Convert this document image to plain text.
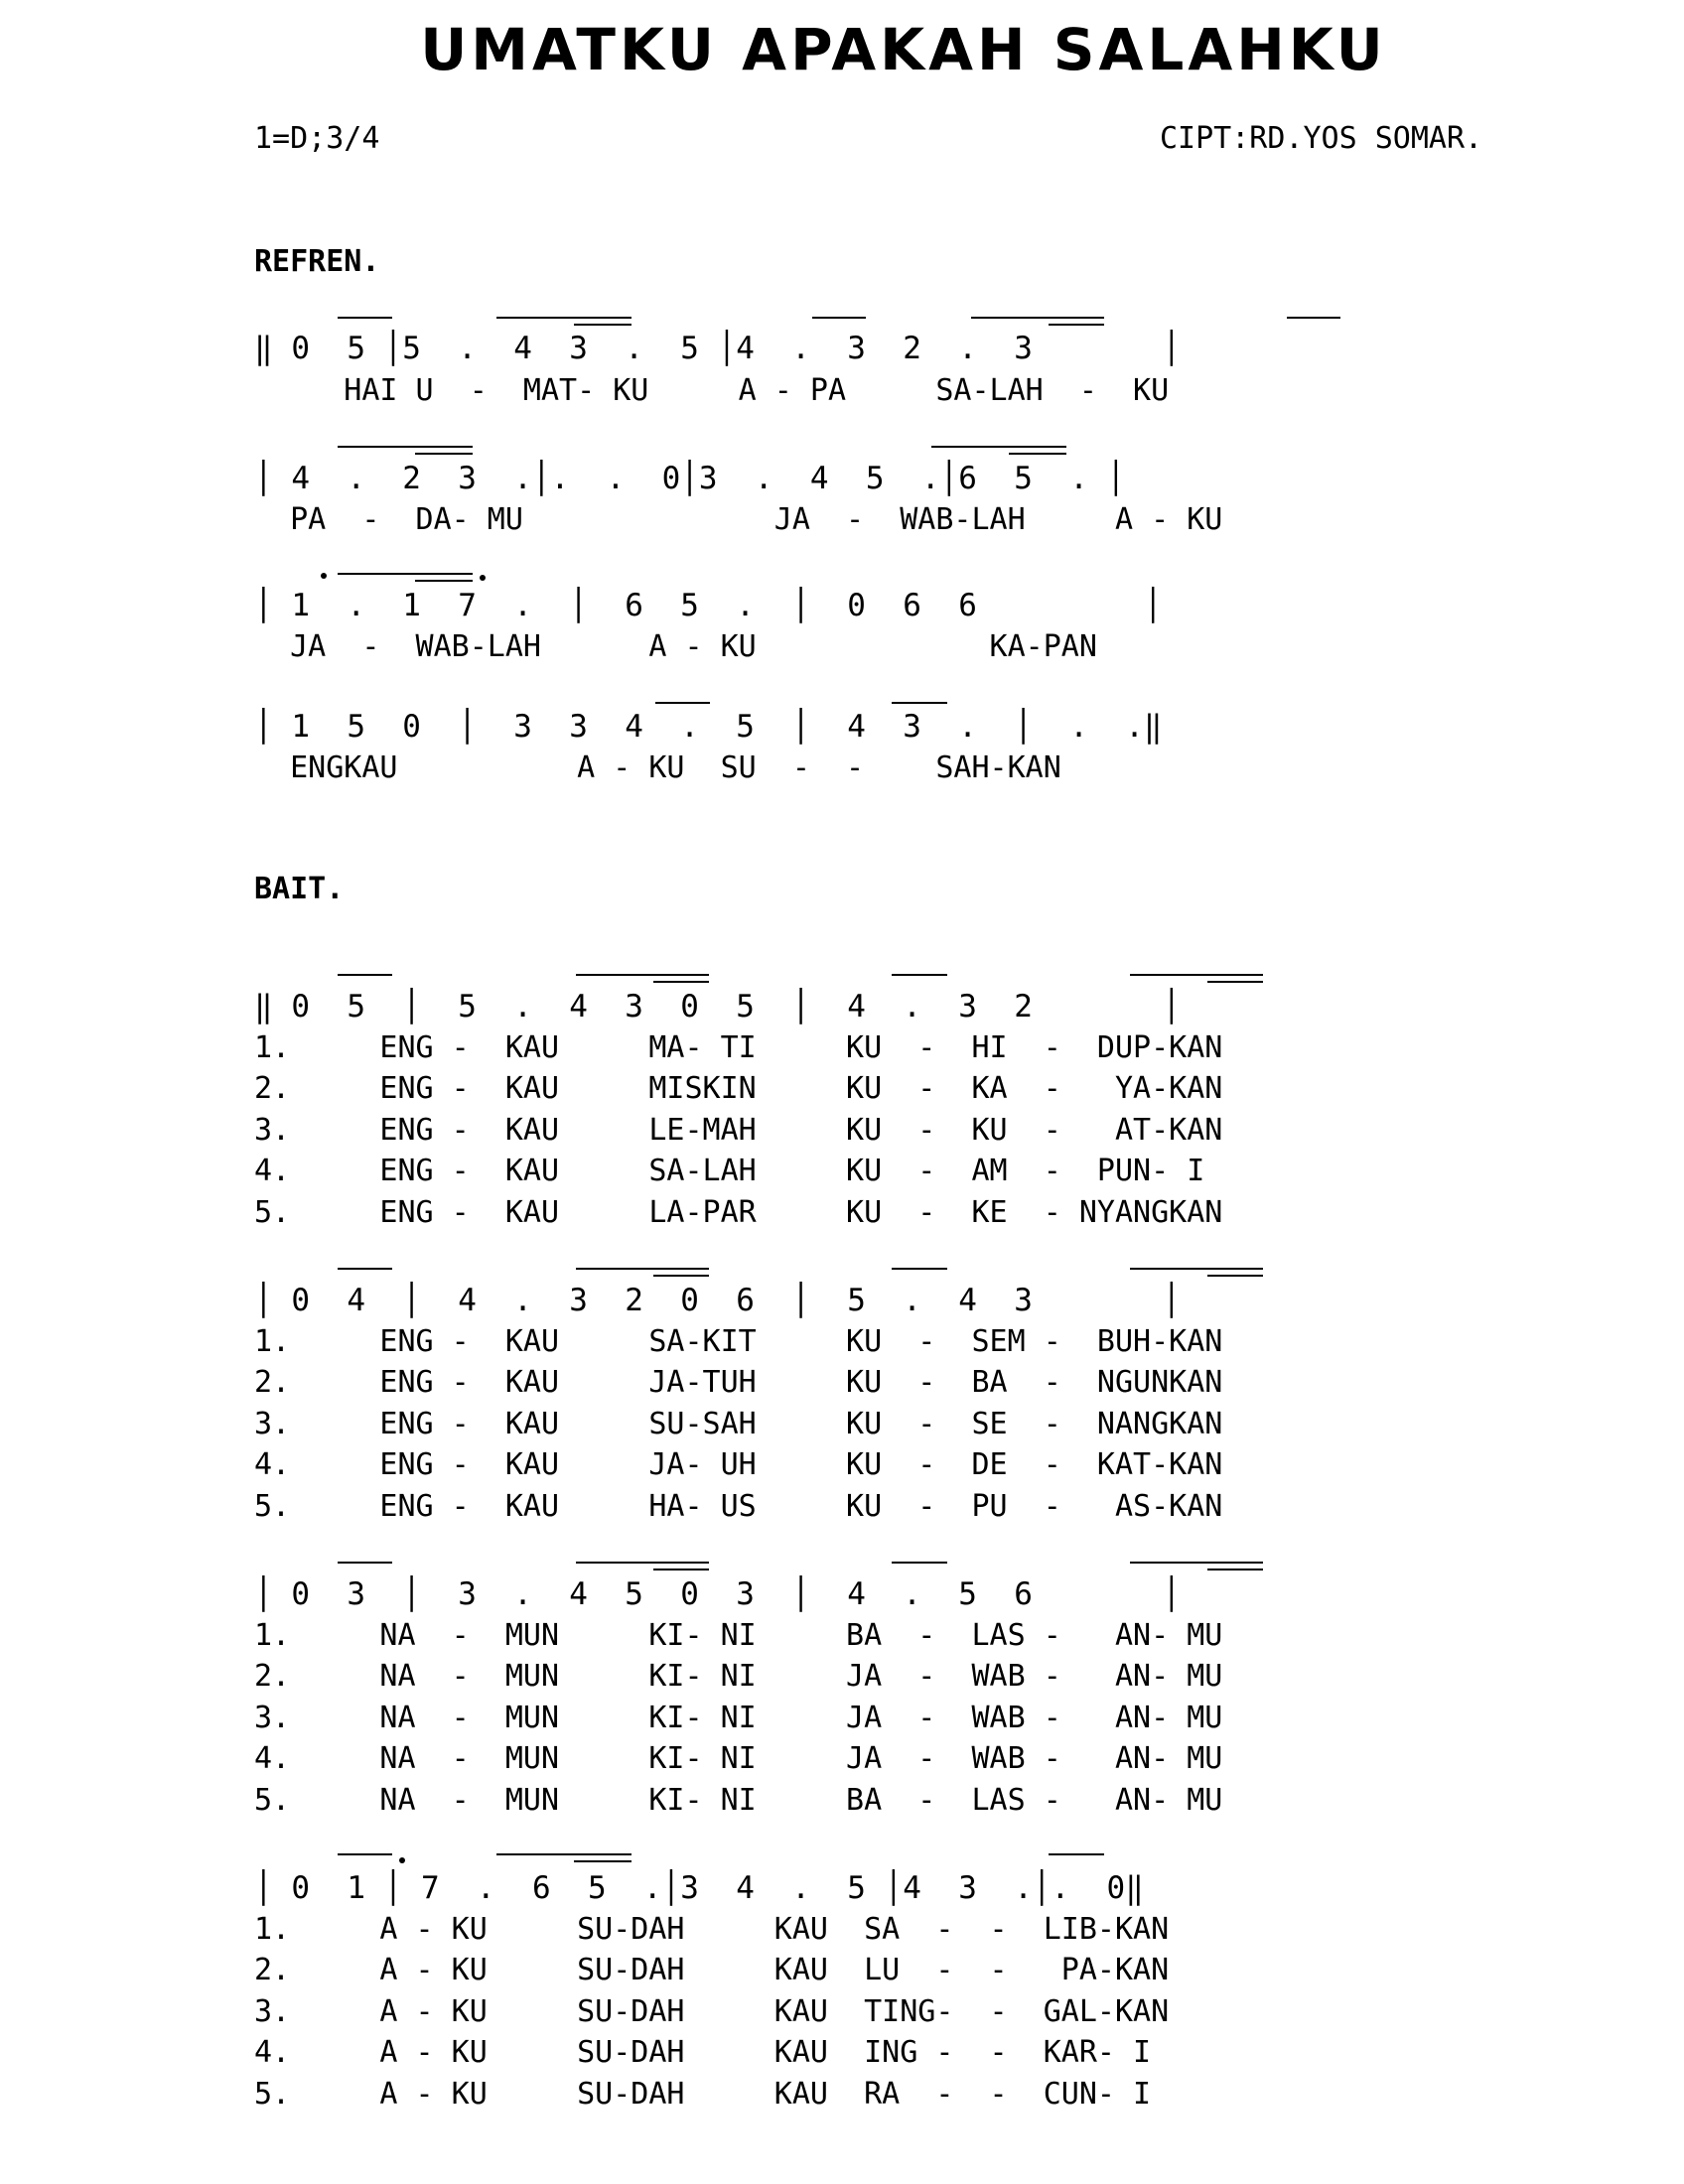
UMATKU APAKAH SALAHKU
1=D;3/4	CIPT:RD.YOS SOMAR.
REFREN.
‖ 0  5 │5  .  4  3  .  5 │4  .  3  2  .  3       │
HAI U  -  MAT- KU     A - PA     SA-LAH  -  KU
│ 4  .  2  3  .│.  .  0│3  .  4  5  .│6  5  . │
PA  -  DA- MU              JA  -  WAB-LAH     A - KU
│ 1  .  1  7  .  │  6  5  .  │  0  6  6         │
JA  -  WAB-LAH      A - KU             KA-PAN
│ 1  5  0  │  3  3  4  .  5  │  4  3  .  │  .  .‖
ENGKAU          A - KU  SU  -  -    SAH-KAN
BAIT.
‖ 0  5  │  5  .  4  3  0  5  │  4  .  3  2       │
1.     ENG -  KAU     MA- TI     KU  -  HI  -  DUP-KAN
2.     ENG -  KAU     MISKIN     KU  -  KA  -   YA-KAN
3.     ENG -  KAU     LE-MAH     KU  -  KU  -   AT-KAN
4.     ENG -  KAU     SA-LAH     KU  -  AM  -  PUN- I
5.     ENG -  KAU     LA-PAR     KU  -  KE  - NYANGKAN
│ 0  4  │  4  .  3  2  0  6  │  5  .  4  3       │
1.     ENG -  KAU     SA-KIT     KU  -  SEM -  BUH-KAN
2.     ENG -  KAU     JA-TUH     KU  -  BA  -  NGUNKAN
3.     ENG -  KAU     SU-SAH     KU  -  SE  -  NANGKAN
4.     ENG -  KAU     JA- UH     KU  -  DE  -  KAT-KAN
5.     ENG -  KAU     HA- US     KU  -  PU  -   AS-KAN
│ 0  3  │  3  .  4  5  0  3  │  4  .  5  6       │
1.     NA  -  MUN     KI- NI     BA  -  LAS -   AN- MU
2.     NA  -  MUN     KI- NI     JA  -  WAB -   AN- MU
3.     NA  -  MUN     KI- NI     JA  -  WAB -   AN- MU
4.     NA  -  MUN     KI- NI     JA  -  WAB -   AN- MU
5.     NA  -  MUN     KI- NI     BA  -  LAS -   AN- MU
│ 0  1 │ 7  .  6  5  .│3  4  .  5 │4  3  .│.  0‖
1.     A - KU     SU-DAH     KAU  SA  -  -  LIB-KAN
2.     A - KU     SU-DAH     KAU  LU  -  -   PA-KAN
3.     A - KU     SU-DAH     KAU  TING-  -  GAL-KAN
4.     A - KU     SU-DAH     KAU  ING -  -  KAR- I
5.     A - KU     SU-DAH     KAU  RA  -  -  CUN- I
